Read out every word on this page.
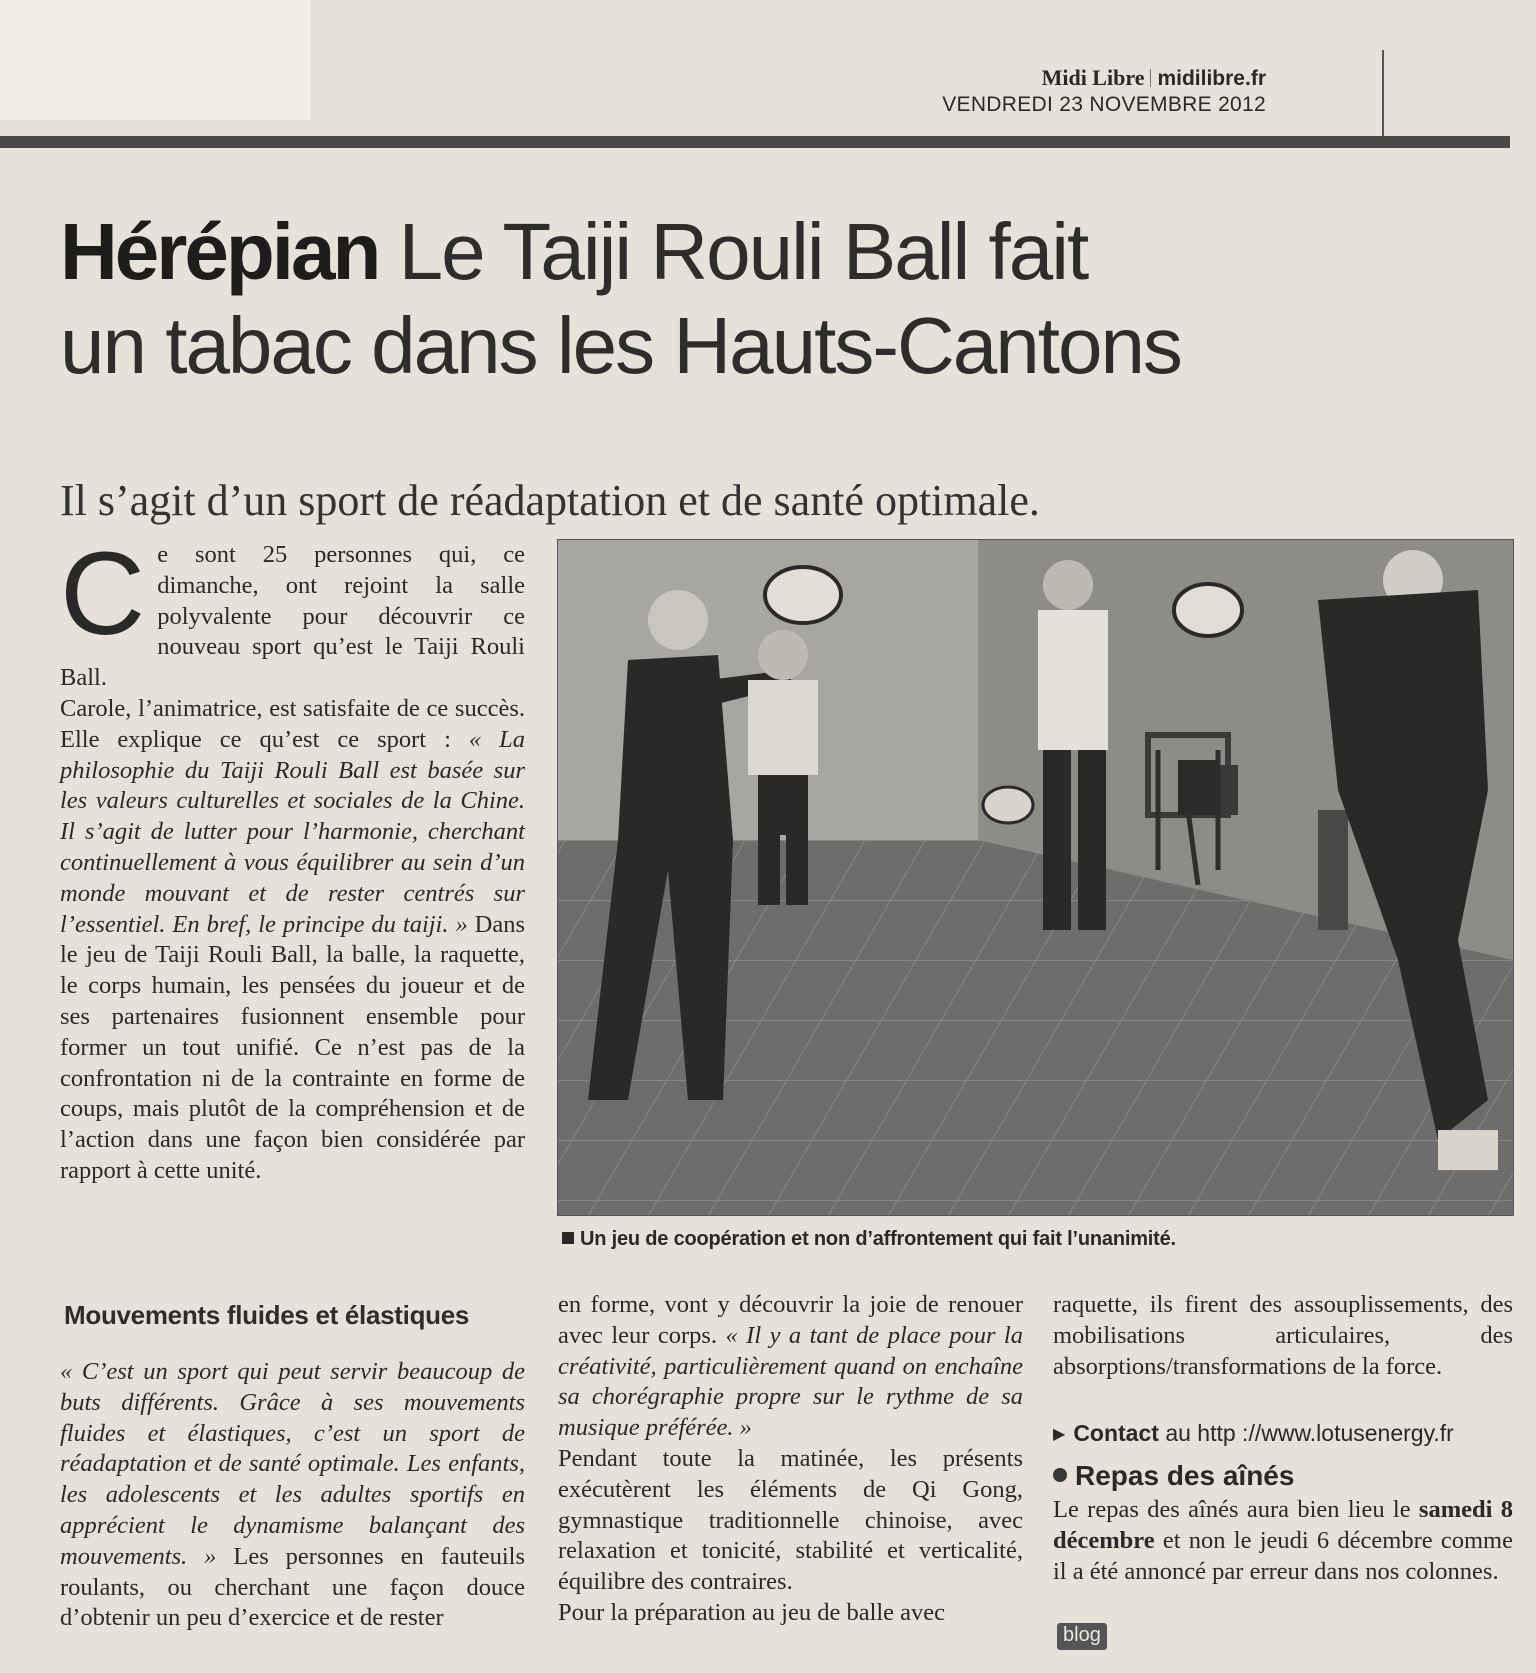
Midi Libre midilibre.fr
VENDREDI 23 NOVEMBRE 2012
Hérépian Le Taiji Rouli Ball fait
un tabac dans les Hauts-Cantons
Il s’agit d’un sport de réadaptation et de santé optimale.

Ce sont 25 personnes qui, ce dimanche, ont rejoint la salle polyvalente pour découvrir ce nouveau sport qu’est le Taiji Rouli Ball.

Carole, l’animatrice, est satisfaite de ce succès. Elle explique ce qu’est ce sport : « La philosophie du Taiji Rouli Ball est basée sur les valeurs culturelles et sociales de la Chine. Il s’agit de lutter pour l’harmonie, cherchant continuellement à vous équilibrer au sein d’un monde mouvant et de rester centrés sur l’essentiel. En bref, le principe du taiji. » Dans le jeu de Taiji Rouli Ball, la balle, la raquette, le corps humain, les pensées du joueur et de ses partenaires fusionnent ensemble pour former un tout unifié. Ce n’est pas de la confrontation ni de la contrainte en forme de coups, mais plutôt de la compréhension et de l’action dans une façon bien considérée par rapport à cette unité.

Mouvements fluides et élastiques

« C’est un sport qui peut servir beaucoup de buts différents. Grâce à ses mouvements fluides et élastiques, c’est un sport de réadaptation et de santé optimale. Les enfants, les adolescents et les adultes sportifs en apprécient le dynamisme balançant des mouvements. » Les personnes en fauteuils roulants, ou cherchant une façon douce d’obtenir un peu d’exercice et de rester

Un jeu de coopération et non d’affrontement qui fait l’unanimité.

en forme, vont y découvrir la joie de renouer avec leur corps. « Il y a tant de place pour la créativité, particulièrement quand on enchaîne sa chorégraphie propre sur le rythme de sa musique préférée. »

Pendant toute la matinée, les présents exécutèrent les éléments de Qi Gong, gymnastique traditionnelle chinoise, avec relaxation et tonicité, stabilité et verticalité, équilibre des contraires.

Pour la préparation au jeu de balle avec

raquette, ils firent des assouplissements, des mobilisations articulaires, des absorptions/transformations de la force.

▶ Contact au http ://www.lotusenergy.fr
Repas des aînés
Le repas des aînés aura bien lieu le samedi 8 décembre et non le jeudi 6 décembre comme il a été annoncé par erreur dans nos colonnes.
blog
